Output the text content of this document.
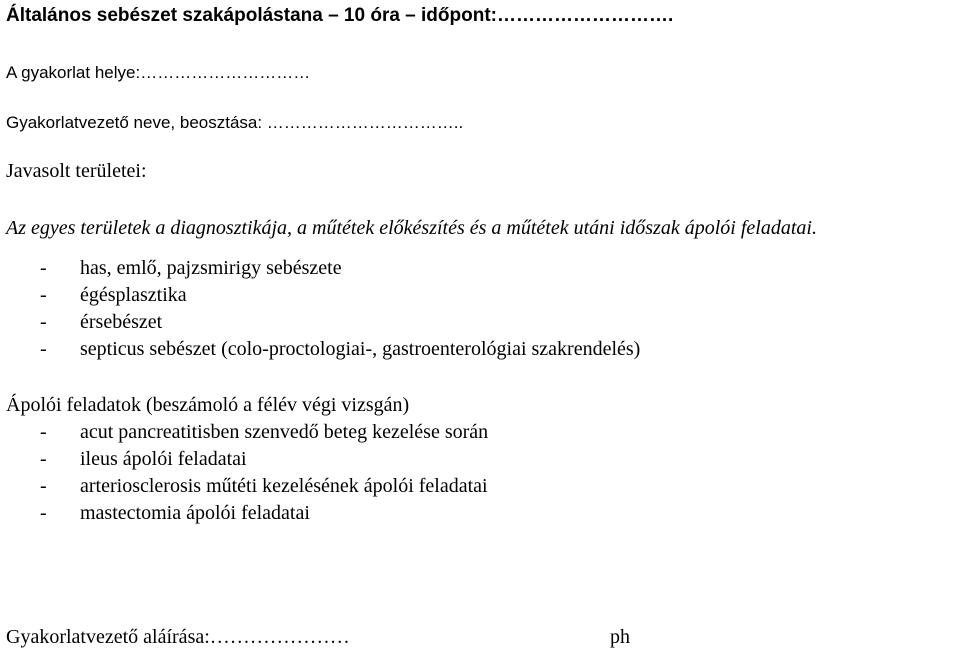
Általános sebészet szakápolástana – 10 óra – időpont:……………………….
A gyakorlat helye:…………………………
Gyakorlatvezető neve, beosztása: ……………………………..
Javasolt területei:
Az egyes területek a diagnosztikája, a műtétek előkészítés és a műtétek utáni időszak ápolói feladatai.
- has, emlő, pajzsmirigy sebészete
- égésplasztika
- érsebészet
- septicus sebészet (colo-proctologiai-, gastroenterológiai szakrendelés)
Ápolói feladatok (beszámoló a félév végi vizsgán)
- acut pancreatitisben szenvedő beteg kezelése során
- ileus ápolói feladatai
- arteriosclerosis műtéti kezelésének ápolói feladatai
- mastectomia ápolói feladatai
Gyakorlatvezető aláírása:…………………	ph
